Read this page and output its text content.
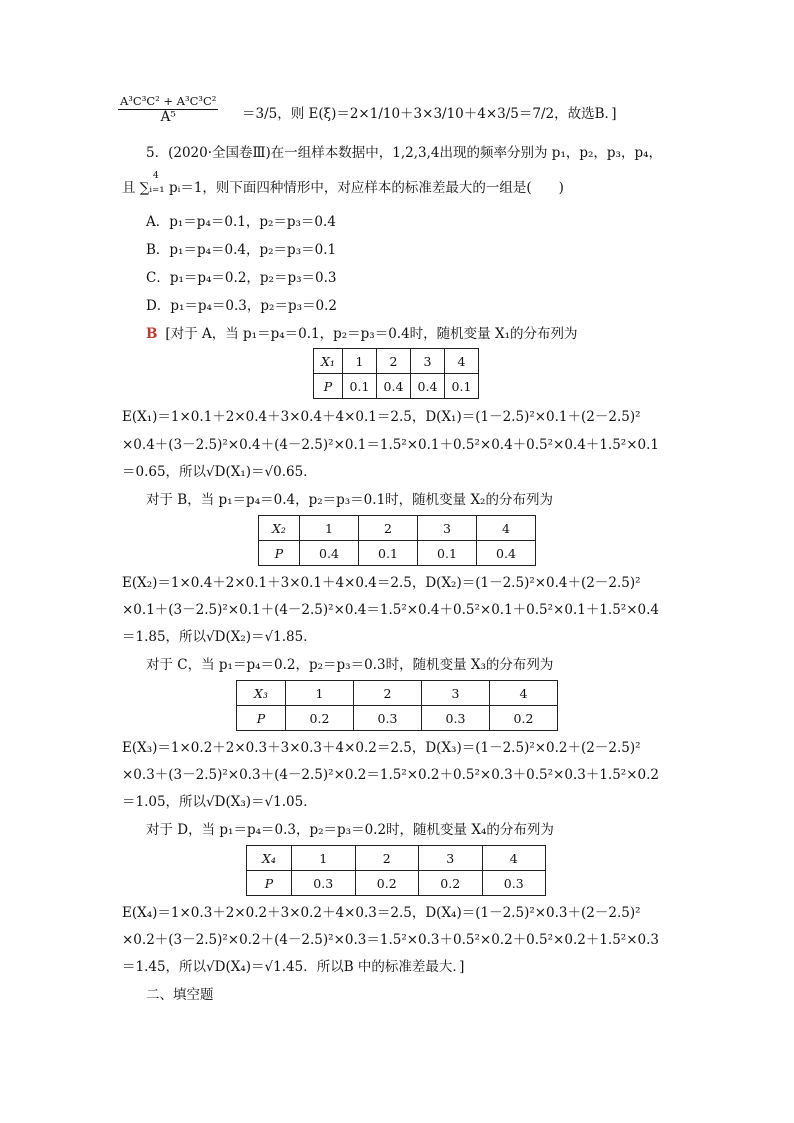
$\frac{\text{A³C³C² + A³C³C²}}{\text{A⁵}} =3/5$，则 E(ξ)＝2×1/10＋3×3/10＋4×3/5＝7/2，故选B．]
5．(2020·全国卷Ⅲ)在一组样本数据中，1,2,3,4出现的频率分别为 p₁，p₂，p₃，p₄，
4
且 ∑ᵢ₌₁ pᵢ＝1，则下面四种情形中，对应样本的标准差最大的一组是(　　)
A．p₁＝p₄＝0.1，p₂＝p₃＝0.4
B．p₁＝p₄＝0.4，p₂＝p₃＝0.1
C．p₁＝p₄＝0.2，p₂＝p₃＝0.3
D．p₁＝p₄＝0.3，p₂＝p₃＝0.2
B [对于 A，当 p₁＝p₄＝0.1，p₂＝p₃＝0.4时，随机变量 X₁的分布列为
X₁	1	2	3	4
P	0.1	0.4	0.4	0.1
E(X₁)＝1×0.1＋2×0.4＋3×0.4＋4×0.1＝2.5，D(X₁)＝(1－2.5)²×0.1＋(2－2.5)²
×0.4＋(3－2.5)²×0.4＋(4－2.5)²×0.1＝1.5²×0.1＋0.5²×0.4＋0.5²×0.4＋1.5²×0.1
＝0.65，所以√D(X₁)＝√0.65．
对于 B，当 p₁＝p₄＝0.4，p₂＝p₃＝0.1时，随机变量 X₂的分布列为
X₂	1	2	3	4
P	0.4	0.1	0.1	0.4
E(X₂)＝1×0.4＋2×0.1＋3×0.1＋4×0.4＝2.5，D(X₂)＝(1－2.5)²×0.4＋(2－2.5)²
×0.1＋(3－2.5)²×0.1＋(4－2.5)²×0.4＝1.5²×0.4＋0.5²×0.1＋0.5²×0.1＋1.5²×0.4
＝1.85，所以√D(X₂)＝√1.85．
对于 C，当 p₁＝p₄＝0.2，p₂＝p₃＝0.3时，随机变量 X₃的分布列为
X₃	1	2	3	4
P	0.2	0.3	0.3	0.2
E(X₃)＝1×0.2＋2×0.3＋3×0.3＋4×0.2＝2.5，D(X₃)＝(1－2.5)²×0.2＋(2－2.5)²
×0.3＋(3－2.5)²×0.3＋(4－2.5)²×0.2＝1.5²×0.2＋0.5²×0.3＋0.5²×0.3＋1.5²×0.2
＝1.05，所以√D(X₃)＝√1.05．
对于 D，当 p₁＝p₄＝0.3，p₂＝p₃＝0.2时，随机变量 X₄的分布列为
X₄	1	2	3	4
P	0.3	0.2	0.2	0.3
E(X₄)＝1×0.3＋2×0.2＋3×0.2＋4×0.3＝2.5，D(X₄)＝(1－2.5)²×0.3＋(2－2.5)²
×0.2＋(3－2.5)²×0.2＋(4－2.5)²×0.3＝1.5²×0.3＋0.5²×0.2＋0.5²×0.2＋1.5²×0.3
＝1.45，所以√D(X₄)＝√1.45．所以B 中的标准差最大．]
二、填空题
